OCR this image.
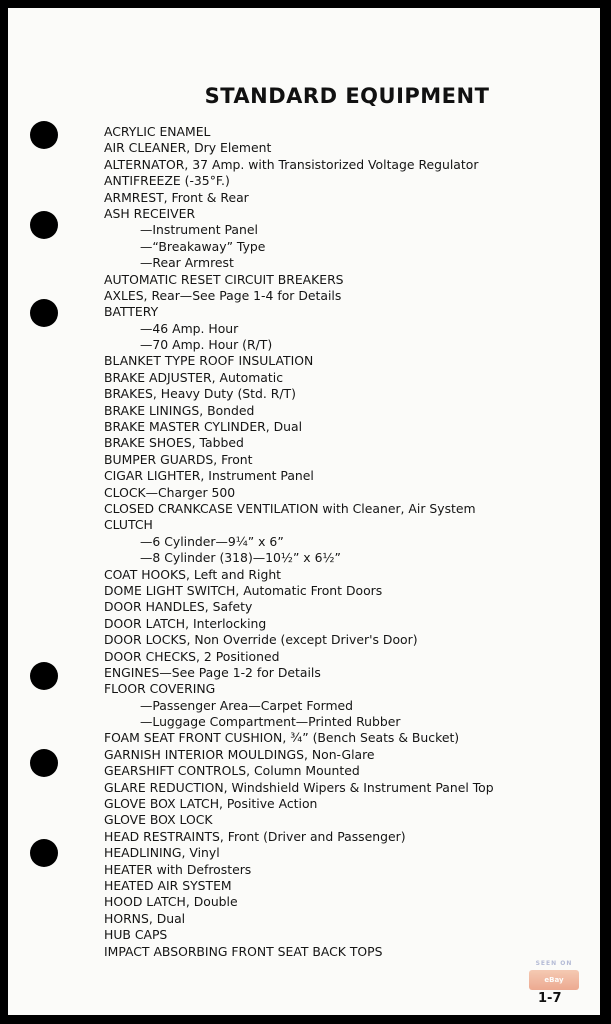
STANDARD EQUIPMENT
ACRYLIC ENAMEL
AIR CLEANER, Dry Element
ALTERNATOR, 37 Amp. with Transistorized Voltage Regulator
ANTIFREEZE (-35°F.)
ARMREST, Front & Rear
ASH RECEIVER
—Instrument Panel
—“Breakaway” Type
—Rear Armrest
AUTOMATIC RESET CIRCUIT BREAKERS
AXLES, Rear—See Page 1-4 for Details
BATTERY
—46 Amp. Hour
—70 Amp. Hour (R/T)
BLANKET TYPE ROOF INSULATION
BRAKE ADJUSTER, Automatic
BRAKES, Heavy Duty (Std. R/T)
BRAKE LININGS, Bonded
BRAKE MASTER CYLINDER, Dual
BRAKE SHOES, Tabbed
BUMPER GUARDS, Front
CIGAR LIGHTER, Instrument Panel
CLOCK—Charger 500
CLOSED CRANKCASE VENTILATION with Cleaner, Air System
CLUTCH
—6 Cylinder—9¼” x 6”
—8 Cylinder (318)—10½” x 6½”
COAT HOOKS, Left and Right
DOME LIGHT SWITCH, Automatic Front Doors
DOOR HANDLES, Safety
DOOR LATCH, Interlocking
DOOR LOCKS, Non Override (except Driver's Door)
DOOR CHECKS, 2 Positioned
ENGINES—See Page 1-2 for Details
FLOOR COVERING
—Passenger Area—Carpet Formed
—Luggage Compartment—Printed Rubber
FOAM SEAT FRONT CUSHION, ¾” (Bench Seats & Bucket)
GARNISH INTERIOR MOULDINGS, Non-Glare
GEARSHIFT CONTROLS, Column Mounted
GLARE REDUCTION, Windshield Wipers & Instrument Panel Top
GLOVE BOX LATCH, Positive Action
GLOVE BOX LOCK
HEAD RESTRAINTS, Front (Driver and Passenger)
HEADLINING, Vinyl
HEATER with Defrosters
HEATED AIR SYSTEM
HOOD LATCH, Double
HORNS, Dual
HUB CAPS
IMPACT ABSORBING FRONT SEAT BACK TOPS
SEEN ON
eBay
1-7
